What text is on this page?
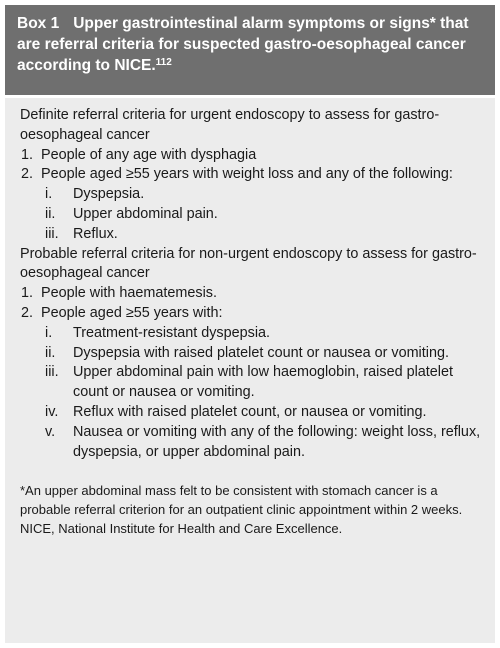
Box 1 Upper gastrointestinal alarm symptoms or signs* that are referral criteria for suspected gastro-oesophageal cancer according to NICE.$^{112}$

Definite referral criteria for urgent endoscopy to assess for gastro-oesophageal cancer

1. People of any age with dysphagia
2. People aged ≥55 years with weight loss and any of the following:
i. Dyspepsia.
ii. Upper abdominal pain.
iii. Reflux.

Probable referral criteria for non-urgent endoscopy to assess for gastro-oesophageal cancer

1. People with haematemesis.
2. People aged ≥55 years with:
i. Treatment-resistant dyspepsia.
ii. Dyspepsia with raised platelet count or nausea or vomiting.
iii. Upper abdominal pain with low haemoglobin, raised platelet count or nausea or vomiting.
iv. Reflux with raised platelet count, or nausea or vomiting.
v. Nausea or vomiting with any of the following: weight loss, reflux, dyspepsia, or upper abdominal pain.

*An upper abdominal mass felt to be consistent with stomach cancer is a probable referral criterion for an outpatient clinic appointment within 2 weeks.

NICE, National Institute for Health and Care Excellence.
